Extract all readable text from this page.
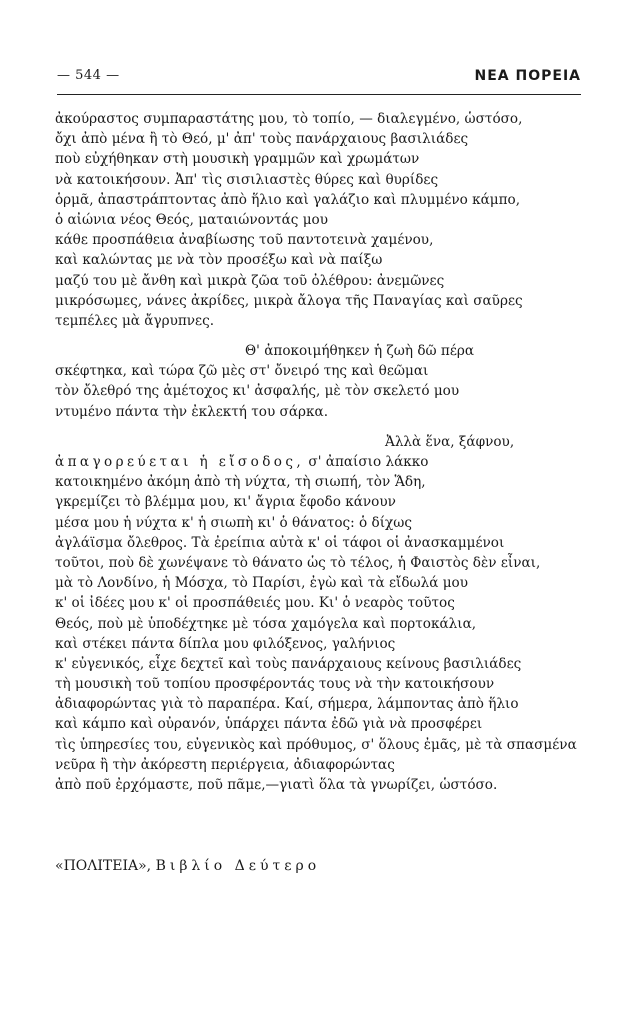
— 544 —	ΝΕΑ ΠΟΡΕΙΑ
ἀκούραστος συμπαραστάτης μου, τὸ τοπίο, — διαλεγμένο, ὡστόσο,
ὄχι ἀπὸ μένα ἢ τὸ Θεό, μ' ἀπ' τοὺς πανάρχαιους βασιλιάδες
ποὺ εὐχήθηκαν στὴ μουσικὴ γραμμῶν καὶ χρωμάτων
νὰ κατοικήσουν. Ἀπ' τὶς σισιλιαστὲς θύρες καὶ θυρίδες
ὁρμᾶ, ἀπαστράπτοντας ἀπὸ ἥλιο καὶ γαλάζιο καὶ πλυμμένο κάμπο,
ὁ αἰώνια νέος Θεός, ματαιώνοντάς μου
κάθε προσπάθεια ἀναβίωσης τοῦ παντοτεινὰ χαμένου,
καὶ καλώντας με νὰ τὸν προσέξω καὶ νὰ παίξω
μαζύ του μὲ ἄνθη καὶ μικρὰ ζῶα τοῦ ὀλέθρου: ἀνεμῶνες
μικρόσωμες, νάνες ἀκρίδες, μικρὰ ἄλογα τῆς Παναγίας καὶ σαῦρες
τεμπέλες μὰ ἄγρυπνες.
Θ' ἀποκοιμήθηκεν ἡ ζωὴ δῶ πέρα
σκέφτηκα, καὶ τώρα ζῶ μὲς στ' ὄνειρό της καὶ θεῶμαι
τὸν ὄλεθρό της ἀμέτοχος κι' ἀσφαλής, μὲ τὸν σκελετό μου
ντυμένο πάντα τὴν ἐκλεκτή του σάρκα.
Ἀλλὰ ἕνα, ξάφνου,
ἀπαγορεύεται ἡ εἴσοδος, σ' ἀπαίσιο λάκκο
κατοικημένο ἀκόμη ἀπὸ τὴ νύχτα, τὴ σιωπή, τὸν Ἅδη,
γκρεμίζει τὸ βλέμμα μου, κι' ἄγρια ἔφοδο κάνουν
μέσα μου ἡ νύχτα κ' ἡ σιωπὴ κι' ὁ θάνατος: ὁ δίχως
ἀγλάϊσμα ὄλεθρος. Τὰ ἐρείπια αὐτὰ κ' οἱ τάφοι οἱ ἀνασκαμμένοι
τοῦτοι, ποὺ δὲ χωνέψανε τὸ θάνατο ὡς τὸ τέλος, ἡ Φαιστὸς δὲν εἶναι,
μὰ τὸ Λονδίνο, ἡ Μόσχα, τὸ Παρίσι, ἐγὼ καὶ τὰ εἴδωλά μου
κ' οἱ ἰδέες μου κ' οἱ προσπάθειές μου. Κι' ὁ νεαρὸς τοῦτος
Θεός, ποὺ μὲ ὑποδέχτηκε μὲ τόσα χαμόγελα καὶ πορτοκάλια,
καὶ στέκει πάντα δίπλα μου φιλόξενος, γαλήνιος
κ' εὐγενικός, εἶχε δεχτεῖ καὶ τοὺς πανάρχαιους κείνους βασιλιάδες
τὴ μουσικὴ τοῦ τοπίου προσφέροντάς τους νὰ τὴν κατοικήσουν
ἀδιαφορώντας γιὰ τὸ παραπέρα. Καί, σήμερα, λάμποντας ἀπὸ ἥλιο
καὶ κάμπο καὶ οὐρανόν, ὑπάρχει πάντα ἐδῶ γιὰ νὰ προσφέρει
τὶς ὑπηρεσίες του, εὐγενικὸς καὶ πρόθυμος, σ' ὅλους ἐμᾶς, μὲ τὰ σπασμένα
νεῦρα ἢ τὴν ἀκόρεστη περιέργεια, ἀδιαφορώντας
ἀπὸ ποῦ ἐρχόμαστε, ποῦ πᾶμε,—γιατὶ ὅλα τὰ γνωρίζει, ὡστόσο.
«ΠΟΛΙΤΕΙΑ», Βιβλίο Δεύτερο
